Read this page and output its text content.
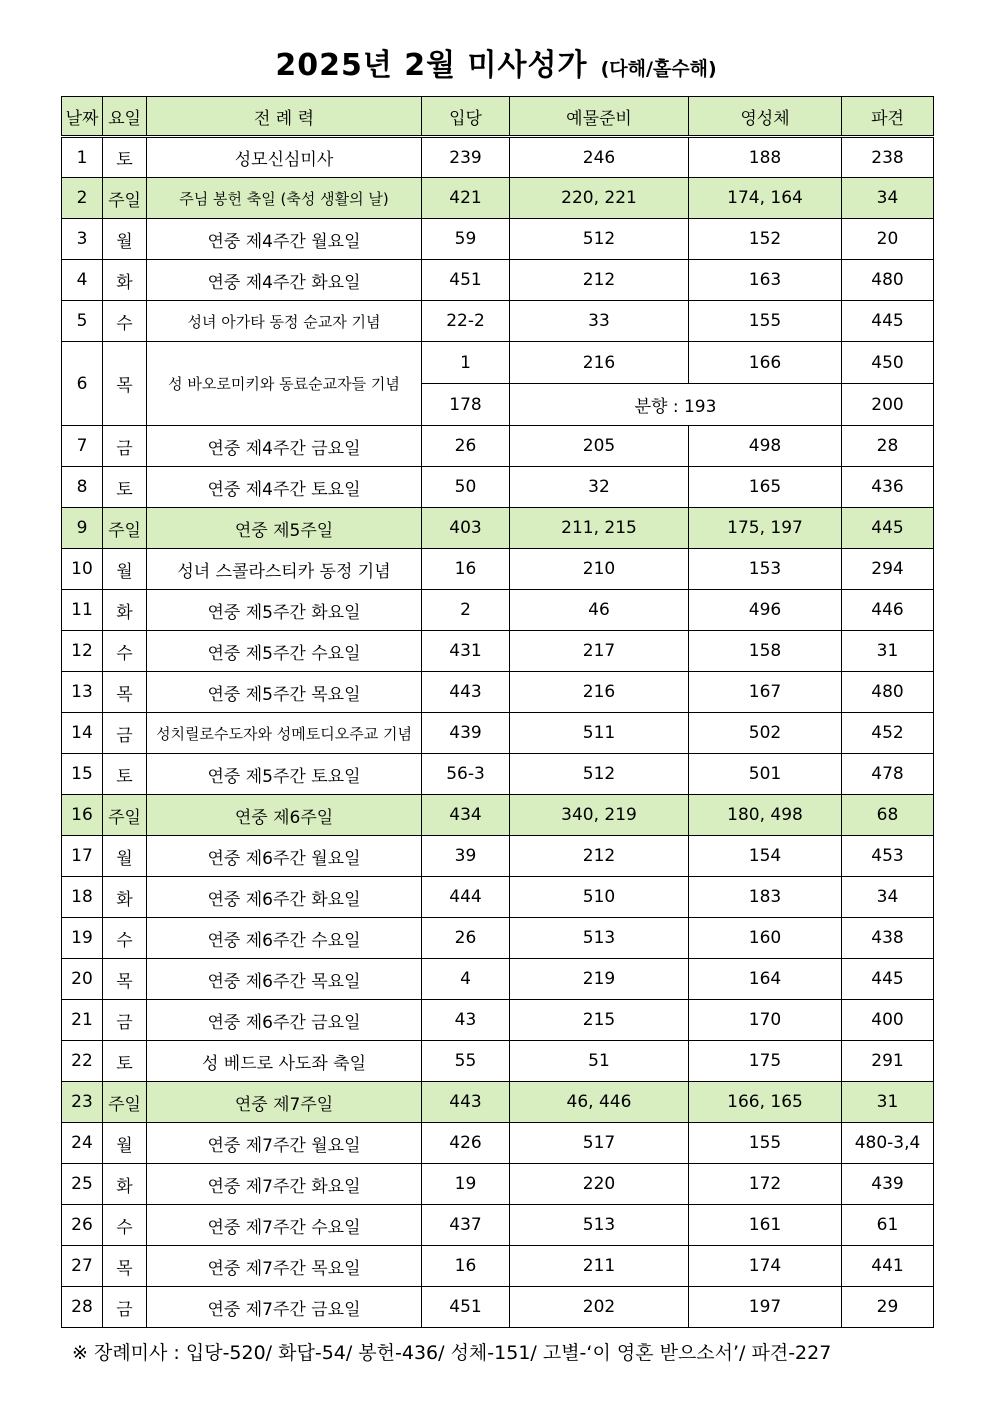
2025년 2월 미사성가 (다해/홀수해)
날짜	요일	전 례 력	입당	예물준비	영성체	파견
1	토	성모신심미사	239	246	188	238
2	주일	주님 봉헌 축일 (축성 생활의 날)	421	220, 221	174, 164	34
3	월	연중 제4주간 월요일	59	512	152	20
4	화	연중 제4주간 화요일	451	212	163	480
5	수	성녀 아가타 동정 순교자 기념	22-2	33	155	445
6	목	성 바오로미키와 동료순교자들 기념	1	216	166	450
			178	분향 : 193		200
7	금	연중 제4주간 금요일	26	205	498	28
8	토	연중 제4주간 토요일	50	32	165	436
9	주일	연중 제5주일	403	211, 215	175, 197	445
10	월	성녀 스콜라스티카 동정 기념	16	210	153	294
11	화	연중 제5주간 화요일	2	46	496	446
12	수	연중 제5주간 수요일	431	217	158	31
13	목	연중 제5주간 목요일	443	216	167	480
14	금	성치릴로수도자와 성메토디오주교 기념	439	511	502	452
15	토	연중 제5주간 토요일	56-3	512	501	478
16	주일	연중 제6주일	434	340, 219	180, 498	68
17	월	연중 제6주간 월요일	39	212	154	453
18	화	연중 제6주간 화요일	444	510	183	34
19	수	연중 제6주간 수요일	26	513	160	438
20	목	연중 제6주간 목요일	4	219	164	445
21	금	연중 제6주간 금요일	43	215	170	400
22	토	성 베드로 사도좌 축일	55	51	175	291
23	주일	연중 제7주일	443	46, 446	166, 165	31
24	월	연중 제7주간 월요일	426	517	155	480-3,4
25	화	연중 제7주간 화요일	19	220	172	439
26	수	연중 제7주간 수요일	437	513	161	61
27	목	연중 제7주간 목요일	16	211	174	441
28	금	연중 제7주간 금요일	451	202	197	29
※ 장례미사 : 입당-520/ 화답-54/ 봉헌-436/ 성체-151/ 고별-‘이 영혼 받으소서’/ 파견-227
